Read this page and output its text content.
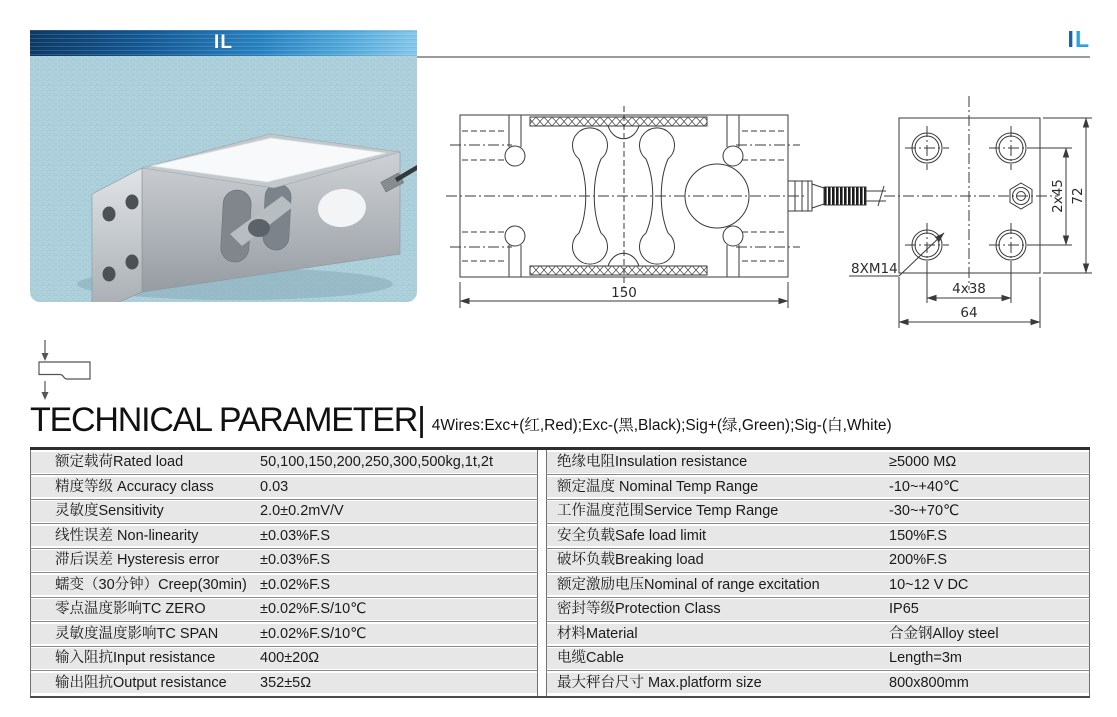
IL	IL
150
2x45 72
8XM14
4x38
64
TECHNICAL PARAMETER| 4Wires:Exc+(红,Red);Exc-(黑,Black);Sig+(绿,Green);Sig-(白,White)
额定载荷Rated load	50,100,150,200,250,300,500kg,1t,2t
精度等级 Accuracy class	0.03
灵敏度Sensitivity	2.0±0.2mV/V
线性误差 Non-linearity	±0.03%F.S
滞后误差 Hysteresis error	±0.03%F.S
蠕变（30分钟）Creep(30min) ±0.02%F.S
零点温度影响TC ZERO	±0.02%F.S/10℃
灵敏度温度影响TC SPAN	±0.02%F.S/10℃
输入阻抗Input resistance	400±20Ω
输出阻抗Output resistance	352±5Ω
绝缘电阻Insulation resistance	≥5000 MΩ
额定温度 Nominal Temp Range	-10~+40℃
工作温度范围Service Temp Range	-30~+70℃
安全负载Safe load limit	150%F.S
破坏负载Breaking load	200%F.S
额定激励电压Nominal of range excitation	10~12 V DC
密封等级Protection Class	IP65
材料Material	合金钢Alloy steel
电缆Cable	Length=3m
最大秤台尺寸 Max.platform size	800x800mm
